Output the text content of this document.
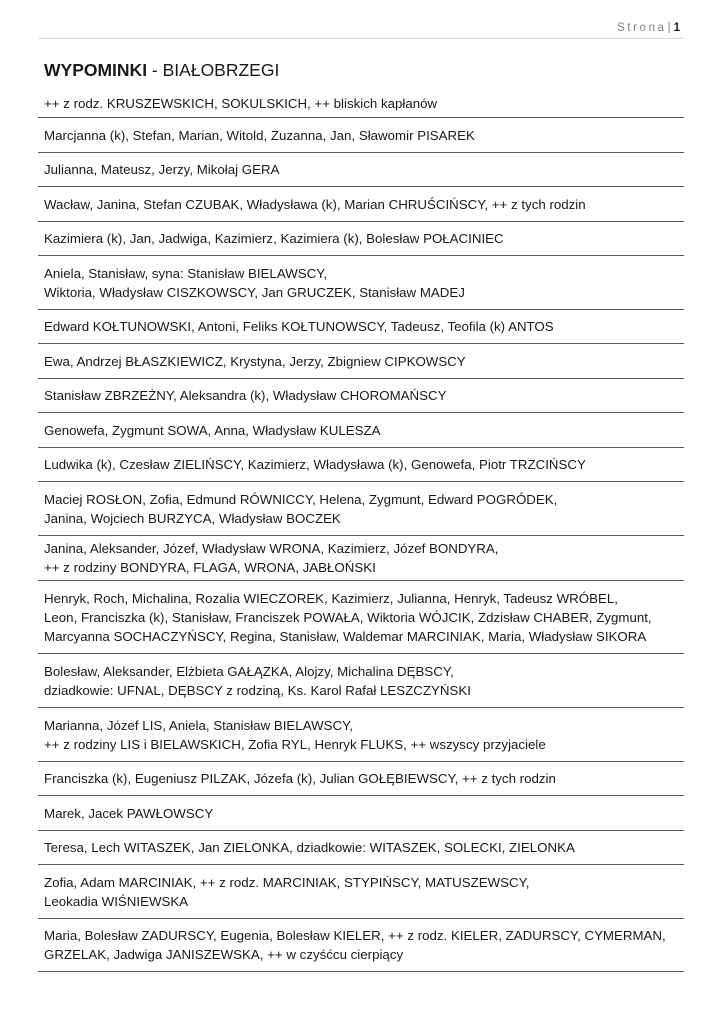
Strona| 1
WYPOMINKI - BIAŁOBRZEGI
++ z rodz. KRUSZEWSKICH, SOKULSKICH, ++ bliskich kapłanów
Marcjanna (k), Stefan, Marian, Witold, Zuzanna, Jan, Sławomir PISAREK
Julianna, Mateusz, Jerzy, Mikołaj GERA
Wacław, Janina, Stefan CZUBAK, Władysława (k), Marian CHRUŚCIŃSCY, ++ z tych rodzin
Kazimiera (k), Jan, Jadwiga, Kazimierz, Kazimiera (k), Bolesław POŁACINIEC
Aniela, Stanisław, syna: Stanisław BIELAWSCY,
Wiktoria, Władysław CISZKOWSCY, Jan GRUCZEK, Stanisław MADEJ
Edward KOŁTUNOWSKI, Antoni, Feliks KOŁTUNOWSCY, Tadeusz, Teofila (k) ANTOS
Ewa, Andrzej BŁASZKIEWICZ, Krystyna, Jerzy, Zbigniew CIPKOWSCY
Stanisław ZBRZEŻNY, Aleksandra (k), Władysław CHOROMAŃSCY
Genowefa, Zygmunt SOWA, Anna, Władysław KULESZA
Ludwika (k), Czesław ZIELIŃSCY, Kazimierz, Władysława (k), Genowefa, Piotr TRZCIŃSCY
Maciej ROSŁON, Zofia, Edmund RÓWNICCY, Helena, Zygmunt, Edward POGRÓDEK,
Janina, Wojciech BURZYCA, Władysław BOCZEK
Janina, Aleksander, Józef, Władysław WRONA, Kazimierz, Józef BONDYRA,
++ z rodziny BONDYRA, FLAGA, WRONA, JABŁOŃSKI
Henryk, Roch, Michalina, Rozalia WIECZOREK, Kazimierz, Julianna, Henryk, Tadeusz WRÓBEL,
Leon, Franciszka (k), Stanisław, Franciszek POWAŁA, Wiktoria WÓJCIK, Zdzisław CHABER, Zygmunt,
Marcyanna SOCHACZYŃSCY, Regina, Stanisław, Waldemar MARCINIAK, Maria, Władysław SIKORA
Bolesław, Aleksander, Elżbieta GAŁĄZKA, Alojzy, Michalina DĘBSCY,
dziadkowie: UFNAL, DĘBSCY z rodziną, Ks. Karol Rafał LESZCZYŃSKI
Marianna, Józef LIS, Aniela, Stanisław BIELAWSCY,
++ z rodziny LIS i BIELAWSKICH, Zofia RYL, Henryk FLUKS, ++ wszyscy przyjaciele
Franciszka (k), Eugeniusz PILZAK, Józefa (k), Julian GOŁĘBIEWSCY, ++ z tych rodzin
Marek, Jacek PAWŁOWSCY
Teresa, Lech WITASZEK, Jan ZIELONKA, dziadkowie: WITASZEK, SOLECKI, ZIELONKA
Zofia, Adam MARCINIAK, ++ z rodz. MARCINIAK, STYPIŃSCY, MATUSZEWSCY,
Leokadia WIŚNIEWSKA
Maria, Bolesław ZADURSCY, Eugenia, Bolesław KIELER, ++ z rodz. KIELER, ZADURSCY, CYMERMAN,
GRZELAK, Jadwiga JANISZEWSKA, ++ w czyśćcu cierpiący
